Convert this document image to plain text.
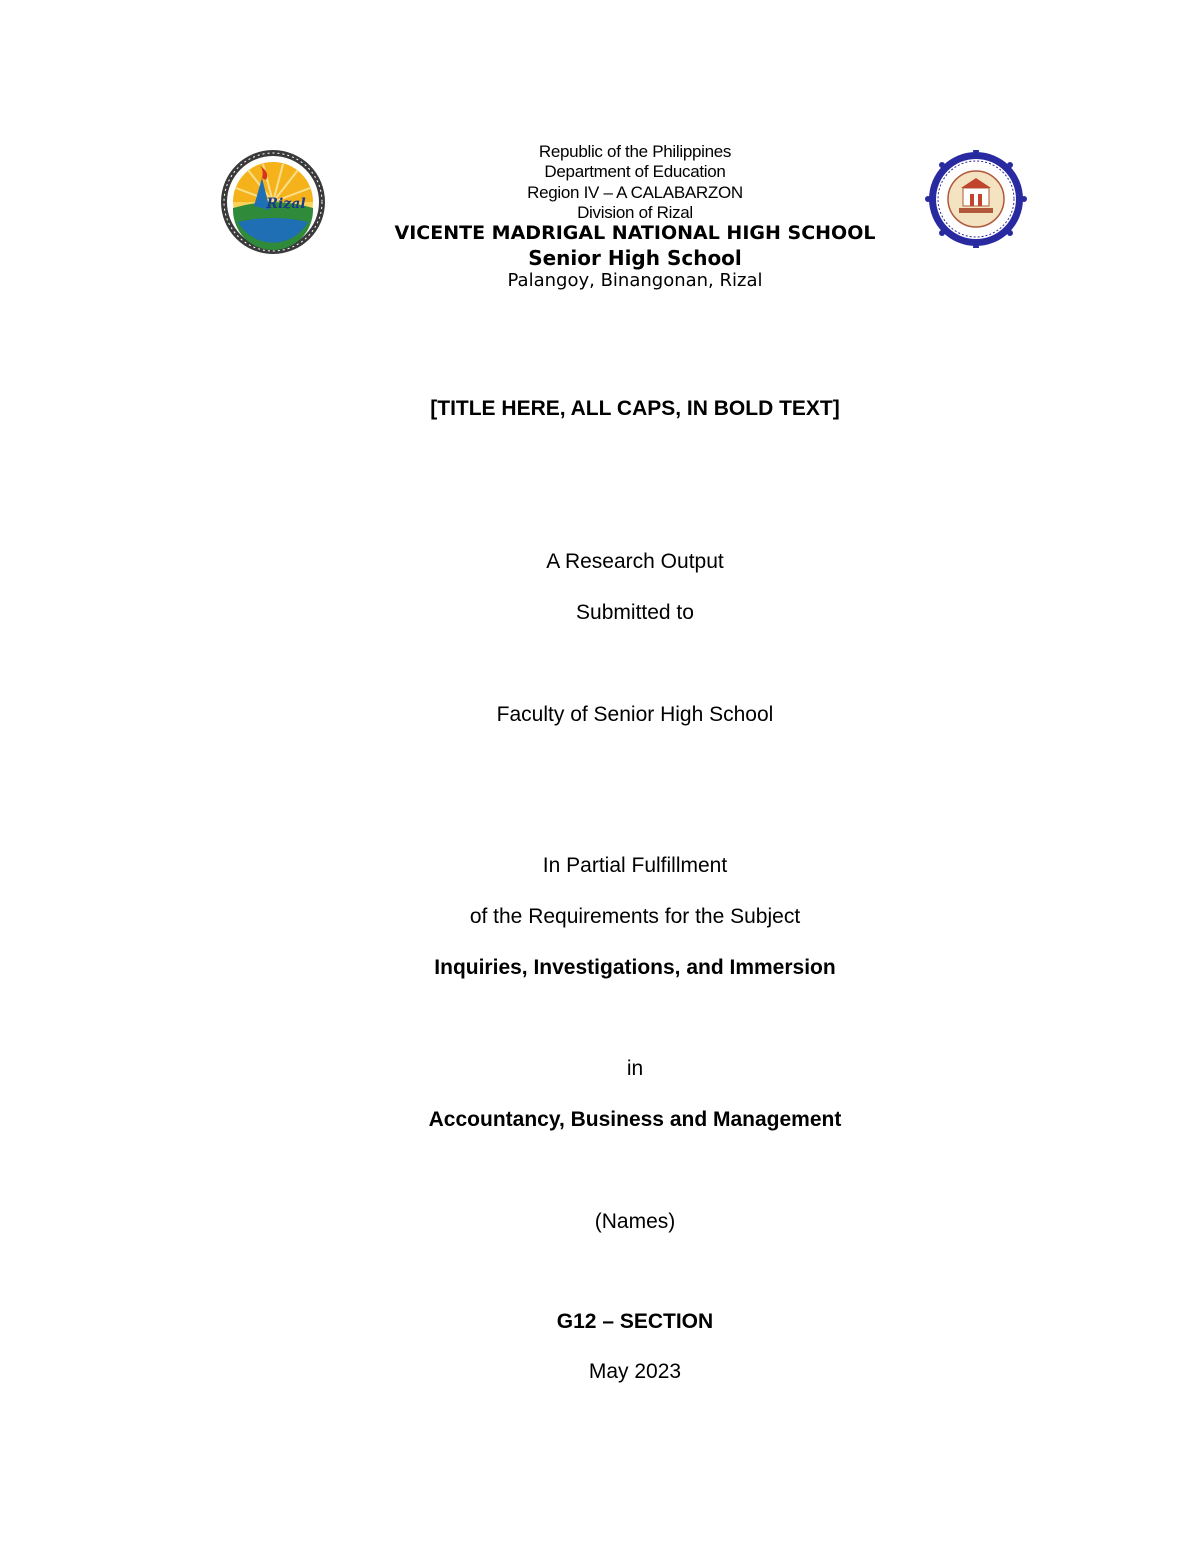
Rizal
Republic of the Philippines
Department of Education
Region IV – A CALABARZON
Division of Rizal
VICENTE MADRIGAL NATIONAL HIGH SCHOOL
Senior High School
Palangoy, Binangonan, Rizal
[TITLE HERE, ALL CAPS, IN BOLD TEXT]
A Research Output
Submitted to
Faculty of Senior High School
In Partial Fulfillment
of the Requirements for the Subject
Inquiries, Investigations, and Immersion
in
Accountancy, Business and Management
(Names)
G12 – SECTION
May 2023
